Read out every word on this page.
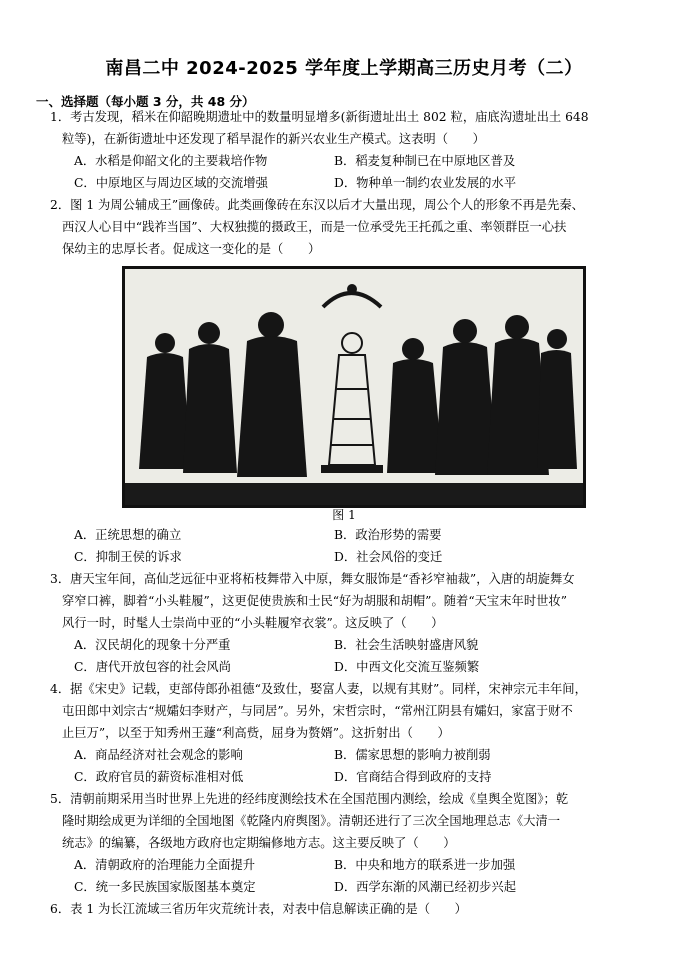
南昌二中 2024-2025 学年度上学期高三历史月考（二）
一、选择题（每小题 3 分，共 48 分）

1．考古发现，稻米在仰韶晚期遗址中的数量明显增多(新街遗址出土 802 粒，庙底沟遗址出土 648

粒等)，在新街遗址中还发现了稻旱混作的新兴农业生产模式。这表明（　　）

A．水稻是仰韶文化的主要栽培作物	B．稻麦复种制已在中原地区普及
C．中原地区与周边区域的交流增强	D．物种单一制约农业发展的水平

2．图 1 为周公辅成王”画像砖。此类画像砖在东汉以后才大量出现，周公个人的形象不再是先秦、

西汉人心目中“践祚当国”、大权独揽的摄政王，而是一位承受先王托孤之重、率领群臣一心扶

保幼主的忠厚长者。促成这一变化的是（　　）

图 1
A．正统思想的确立	B．政治形势的需要
C．抑制王侯的诉求	D．社会风俗的变迁

3．唐天宝年间，高仙芝远征中亚将柘枝舞带入中原，舞女服饰是“香衫窄袖裁”，入唐的胡旋舞女

穿窄口裤，脚着“小头鞋履”，这更促使贵族和士民“好为胡服和胡帽”。随着“天宝末年时世妆”

风行一时，时髦人士崇尚中亚的“小头鞋履窄衣裳”。这反映了（　　）

A．汉民胡化的现象十分严重	B．社会生活映射盛唐风貌
C．唐代开放包容的社会风尚	D．中西文化交流互鉴频繁

4．据《宋史》记载，吏部侍郎孙祖德“及致仕，娶富人妻，以规有其财”。同样，宋神宗元丰年间，

屯田郎中刘宗古“规孀妇李财产，与同居”。另外，宋哲宗时，“常州江阴县有孀妇，家富于财不

止巨万”，以至于知秀州王蘧“利高赀，屈身为赘婿”。这折射出（　　）

A．商品经济对社会观念的影响	B．儒家思想的影响力被削弱
C．政府官员的薪资标准相对低	D．官商结合得到政府的支持

5．清朝前期采用当时世界上先进的经纬度测绘技术在全国范围内测绘，绘成《皇舆全览图》；乾

隆时期绘成更为详细的全国地图《乾隆内府舆图》。清朝还进行了三次全国地理总志《大清一

统志》的编纂，各级地方政府也定期编修地方志。这主要反映了（　　）

A．清朝政府的治理能力全面提升	B．中央和地方的联系进一步加强
C．统一多民族国家版图基本奠定	D．西学东渐的风潮已经初步兴起

6．表 1 为长江流域三省历年灾荒统计表，对表中信息解读正确的是（　　）
